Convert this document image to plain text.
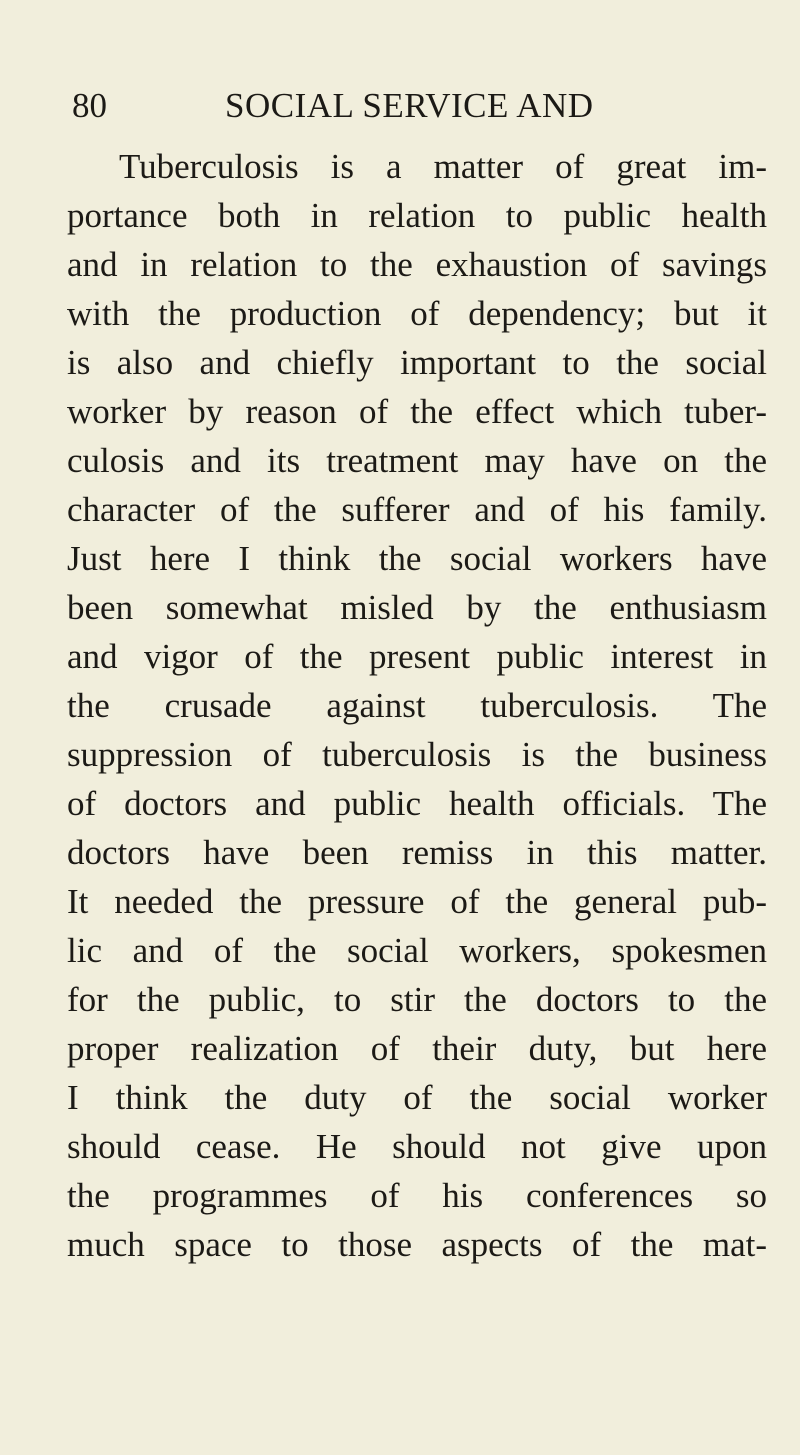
80	SOCIAL SERVICE AND

Tuberculosis is a matter of great im-
portance both in relation to public health
and in relation to the exhaustion of savings
with the production of dependency; but it
is also and chiefly important to the social
worker by reason of the effect which tuber-
culosis and its treatment may have on the
character of the sufferer and of his family.
Just here I think the social workers have
been somewhat misled by the enthusiasm
and vigor of the present public interest in
the crusade against tuberculosis. The
suppression of tuberculosis is the business
of doctors and public health officials. The
doctors have been remiss in this matter.
It needed the pressure of the general pub-
lic and of the social workers, spokesmen
for the public, to stir the doctors to the
proper realization of their duty, but here
I think the duty of the social worker
should cease. He should not give upon
the programmes of his conferences so
much space to those aspects of the mat-
